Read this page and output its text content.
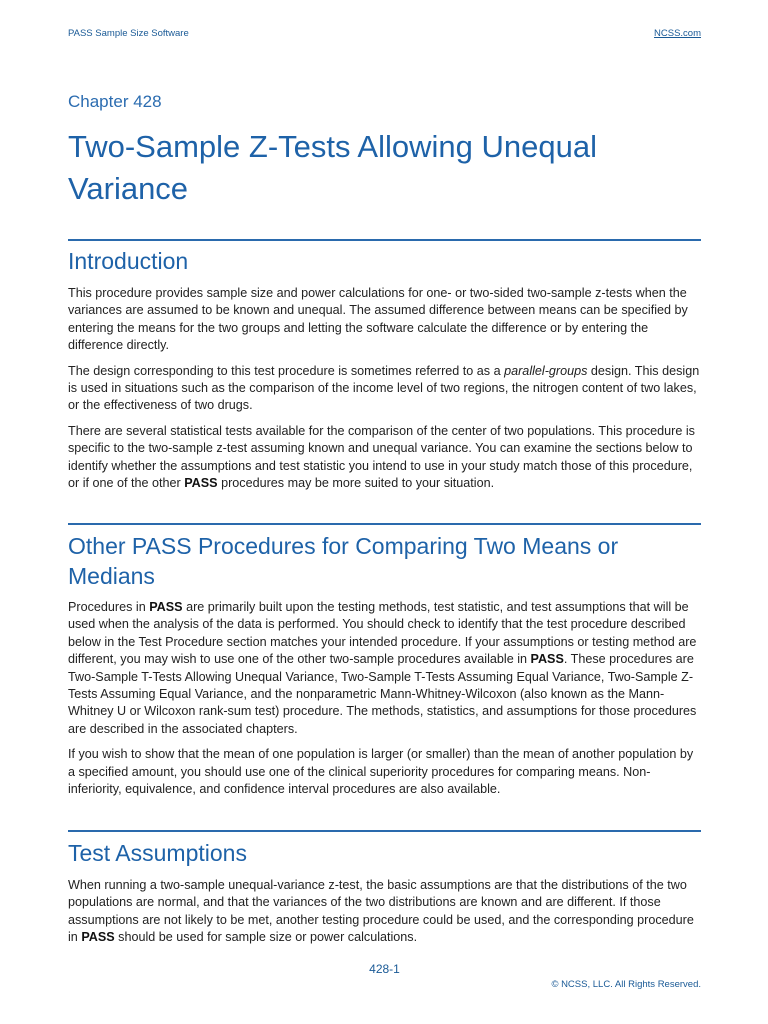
PASS Sample Size Software	NCSS.com
Chapter 428
Two-Sample Z-Tests Allowing Unequal Variance
Introduction
This procedure provides sample size and power calculations for one- or two-sided two-sample z-tests when the variances are assumed to be known and unequal. The assumed difference between means can be specified by entering the means for the two groups and letting the software calculate the difference or by entering the difference directly.
The design corresponding to this test procedure is sometimes referred to as a parallel-groups design. This design is used in situations such as the comparison of the income level of two regions, the nitrogen content of two lakes, or the effectiveness of two drugs.
There are several statistical tests available for the comparison of the center of two populations. This procedure is specific to the two-sample z-test assuming known and unequal variance. You can examine the sections below to identify whether the assumptions and test statistic you intend to use in your study match those of this procedure, or if one of the other PASS procedures may be more suited to your situation.
Other PASS Procedures for Comparing Two Means or Medians
Procedures in PASS are primarily built upon the testing methods, test statistic, and test assumptions that will be used when the analysis of the data is performed. You should check to identify that the test procedure described below in the Test Procedure section matches your intended procedure. If your assumptions or testing method are different, you may wish to use one of the other two-sample procedures available in PASS. These procedures are Two-Sample T-Tests Allowing Unequal Variance, Two-Sample T-Tests Assuming Equal Variance, Two-Sample Z-Tests Assuming Equal Variance, and the nonparametric Mann-Whitney-Wilcoxon (also known as the Mann-Whitney U or Wilcoxon rank-sum test) procedure. The methods, statistics, and assumptions for those procedures are described in the associated chapters.
If you wish to show that the mean of one population is larger (or smaller) than the mean of another population by a specified amount, you should use one of the clinical superiority procedures for comparing means. Non-inferiority, equivalence, and confidence interval procedures are also available.
Test Assumptions
When running a two-sample unequal-variance z-test, the basic assumptions are that the distributions of the two populations are normal, and that the variances of the two distributions are known and are different. If those assumptions are not likely to be met, another testing procedure could be used, and the corresponding procedure in PASS should be used for sample size or power calculations.
428-1
© NCSS, LLC. All Rights Reserved.
